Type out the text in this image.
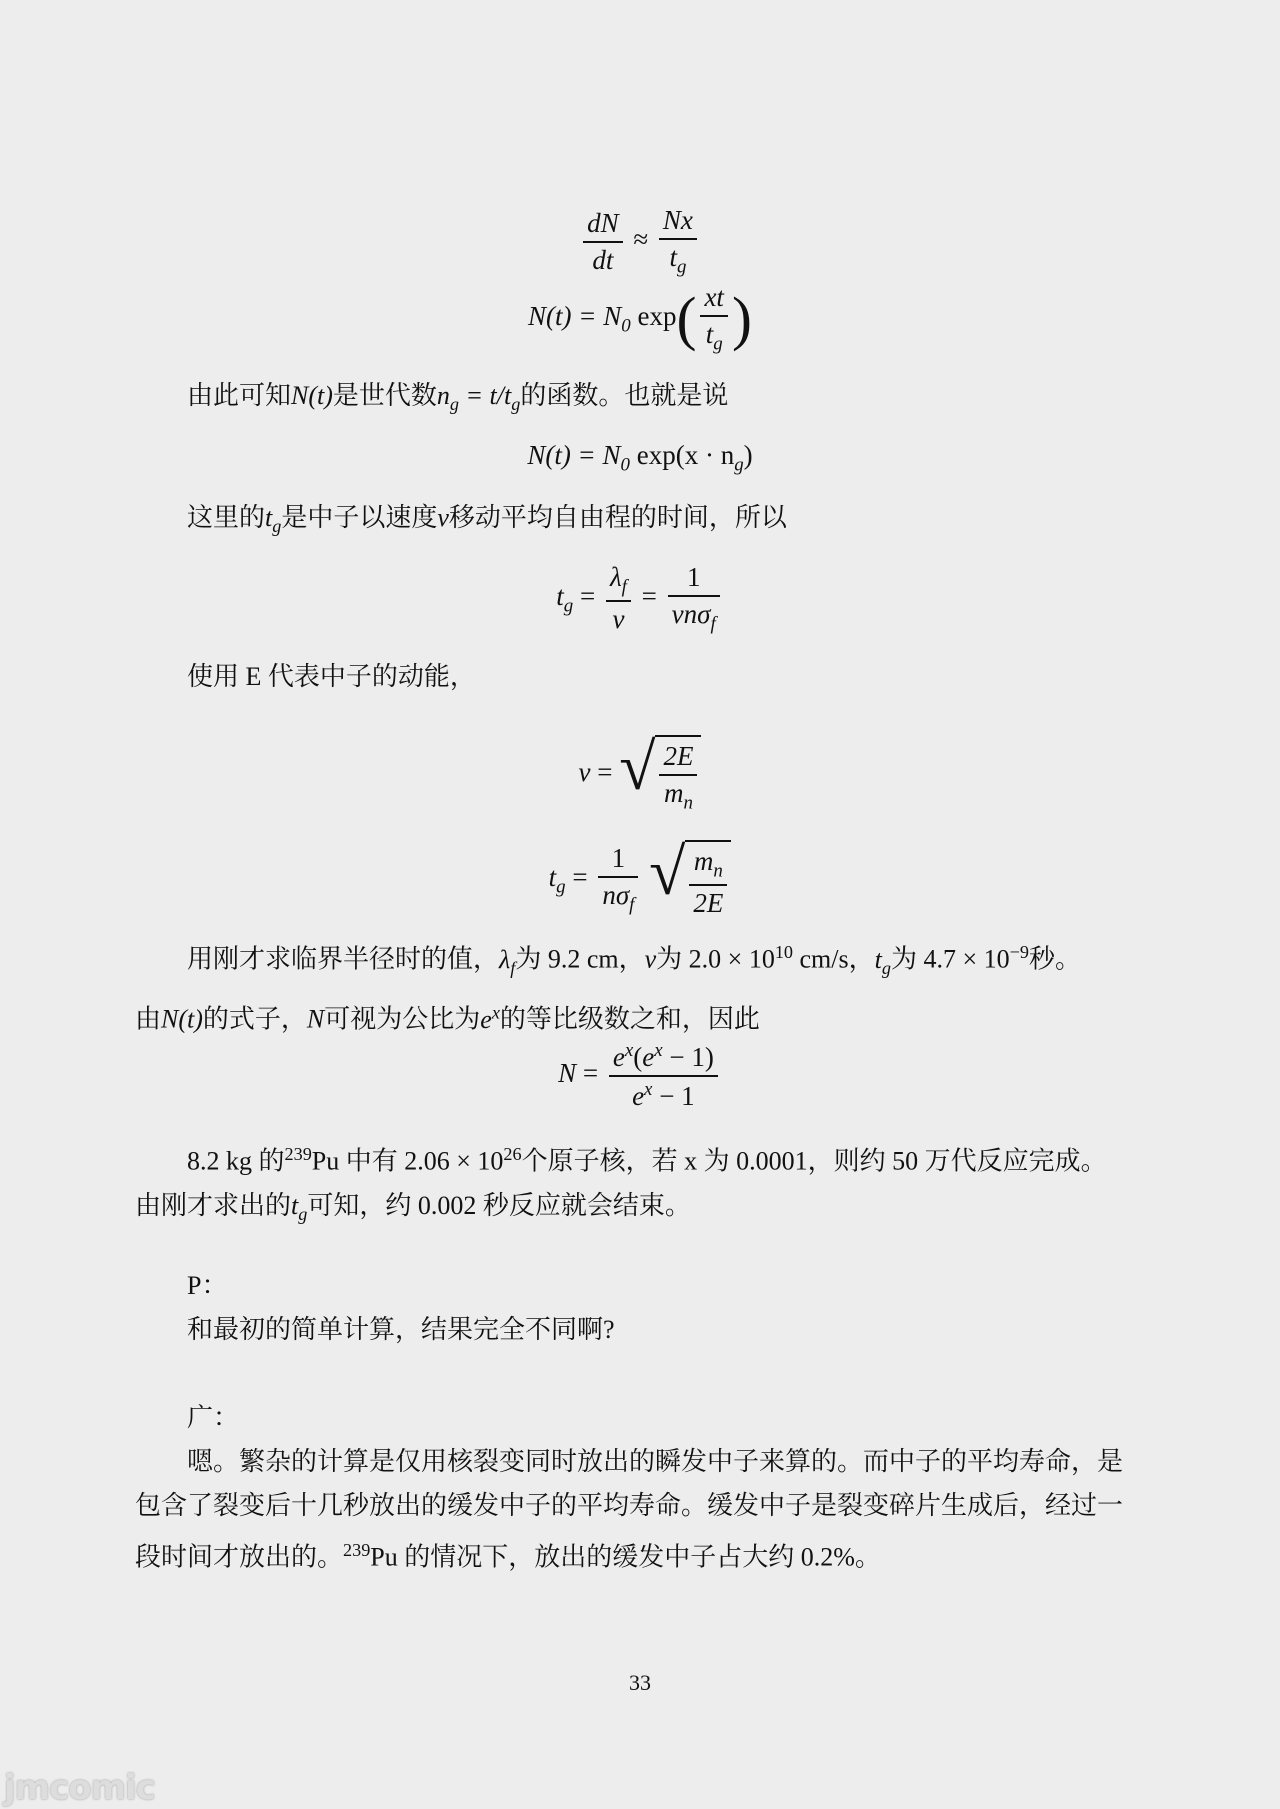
$\frac{dN}{dt} \approx \frac{Nx}{t_g}$
$N(t) = N_0$ $\exp( \frac{xt}{t_g}$ )
由此可知N(t)是世代数$n_g = t/t_g$的函数。也就是说
$N(t) = N_0$ $\exp(x \cdot n_g)$
这里的$t_g$是中子以速度v移动平均自由程的时间，所以
$t_g = \frac{\lambda_f}{v} = \frac{1}{vn\sigma_f}$
使用 E 代表中子的动能，
v = √ $\frac{2E}{m_n}$
$t_g = \frac{1}{n\sigma_f}$
√ $\frac{m_n}{2E}$
用刚才求临界半径时的值，$\lambda_f$为 9.2 cm，v为 $2.0 \times 10^{10}$ cm/s，$t_g$为 $4.7 \times 10^{-9}$秒。
由N(t)的式子，N可视为公比为$e^x$的等比级数之和，因此
$N = \frac{e^x(e^x - 1)}{e^x - 1}$
8.2 kg 的$^{239}$Pu 中有 $2.06 \times 10^{26}$个原子核，若 x 为 0.0001，则约 50 万代反应完成。
由刚才求出的$t_g$可知，约 0.002 秒反应就会结束。
P：
和最初的简单计算，结果完全不同啊?
广：
嗯。繁杂的计算是仅用核裂变同时放出的瞬发中子来算的。而中子的平均寿命，是
包含了裂变后十几秒放出的缓发中子的平均寿命。缓发中子是裂变碎片生成后，经过一
段时间才放出的。$^{239}$Pu 的情况下，放出的缓发中子占大约 0.2%。
33
jmcomic
